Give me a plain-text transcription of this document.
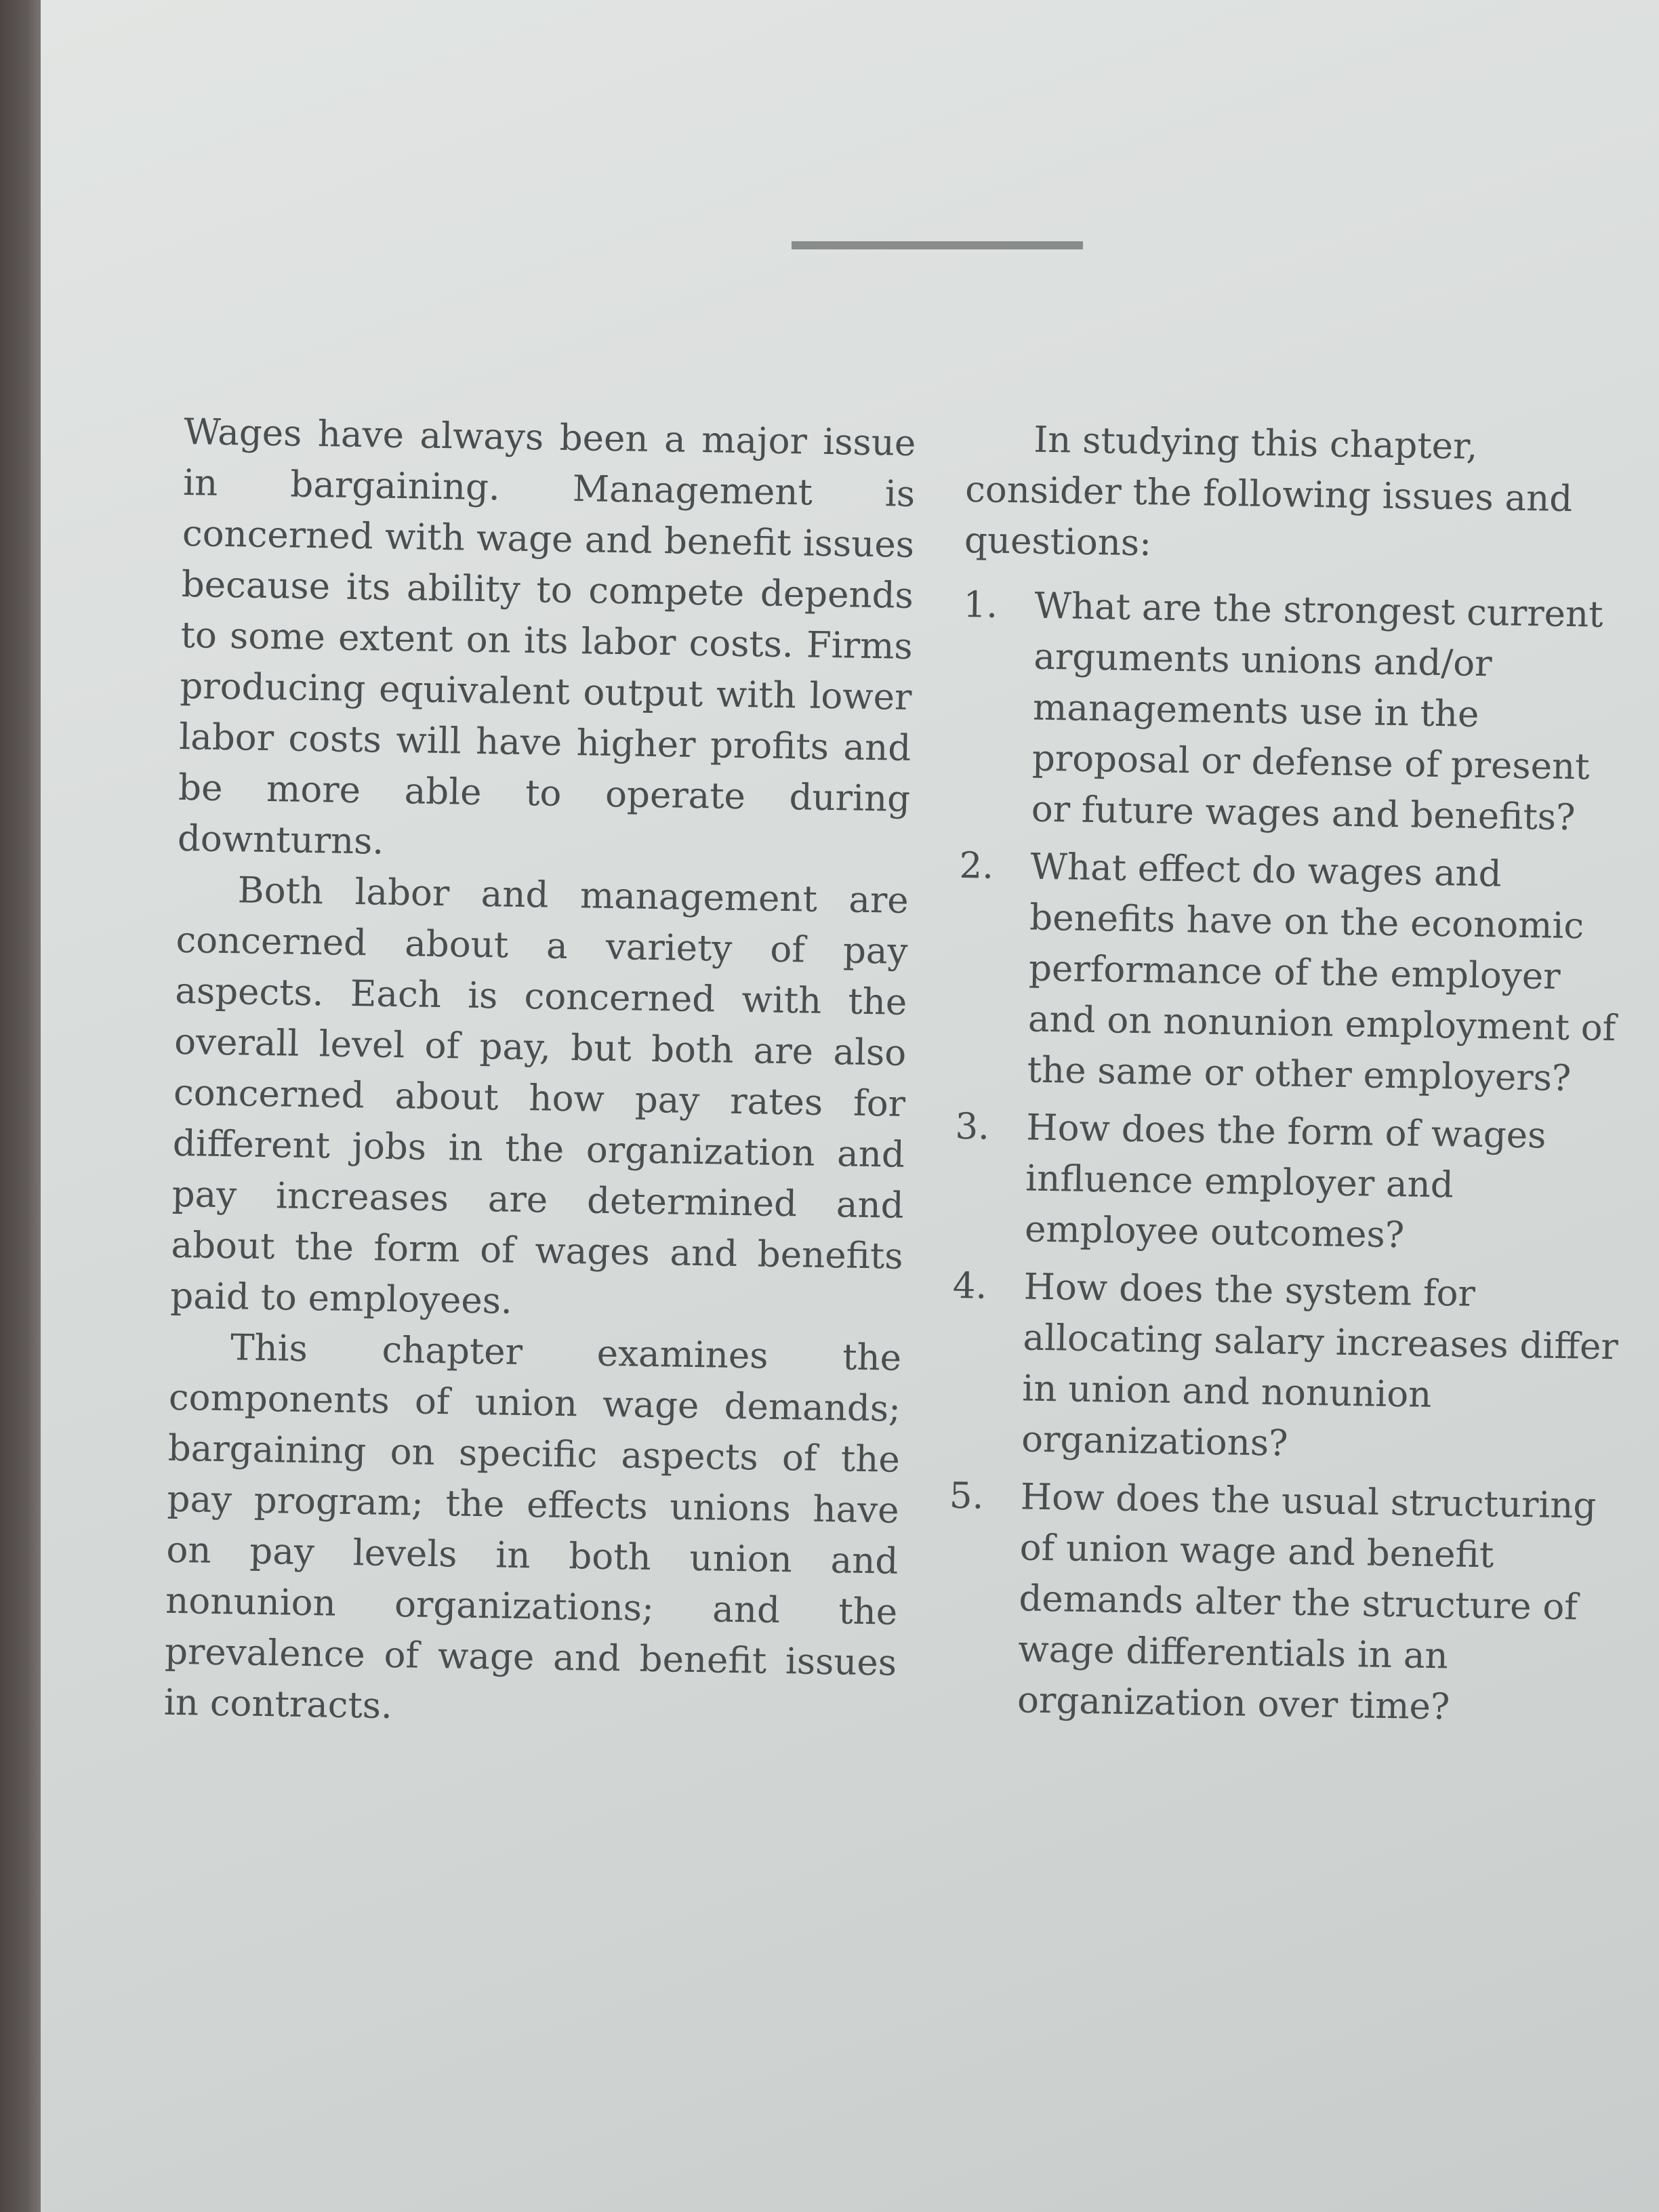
Wages have always been a major issue in bargaining. Management is concerned with wage and benefit issues because its ability to compete depends to some extent on its labor costs. Firms producing equivalent output with lower labor costs will have higher profits and be more able to operate during downturns.

Both labor and management are concerned about a variety of pay aspects. Each is concerned with the overall level of pay, but both are also concerned about how pay rates for different jobs in the organization and pay increases are determined and about the form of wages and benefits paid to employees.

This chapter examines the components of union wage demands; bargaining on specific aspects of the pay program; the effects unions have on pay levels in both union and nonunion organizations; and the prevalence of wage and benefit issues in contracts.

In studying this chapter, consider the following issues and questions:

1. What are the strongest current arguments unions and/or managements use in the proposal or defense of present or future wages and benefits?
2. What effect do wages and benefits have on the economic performance of the employer and on nonunion employment of the same or other employers?
3. How does the form of wages influence employer and employee outcomes?
4. How does the system for allocating salary increases differ in union and nonunion organizations?
5. How does the usual structuring of union wage and benefit demands alter the structure of wage differentials in an organization over time?
